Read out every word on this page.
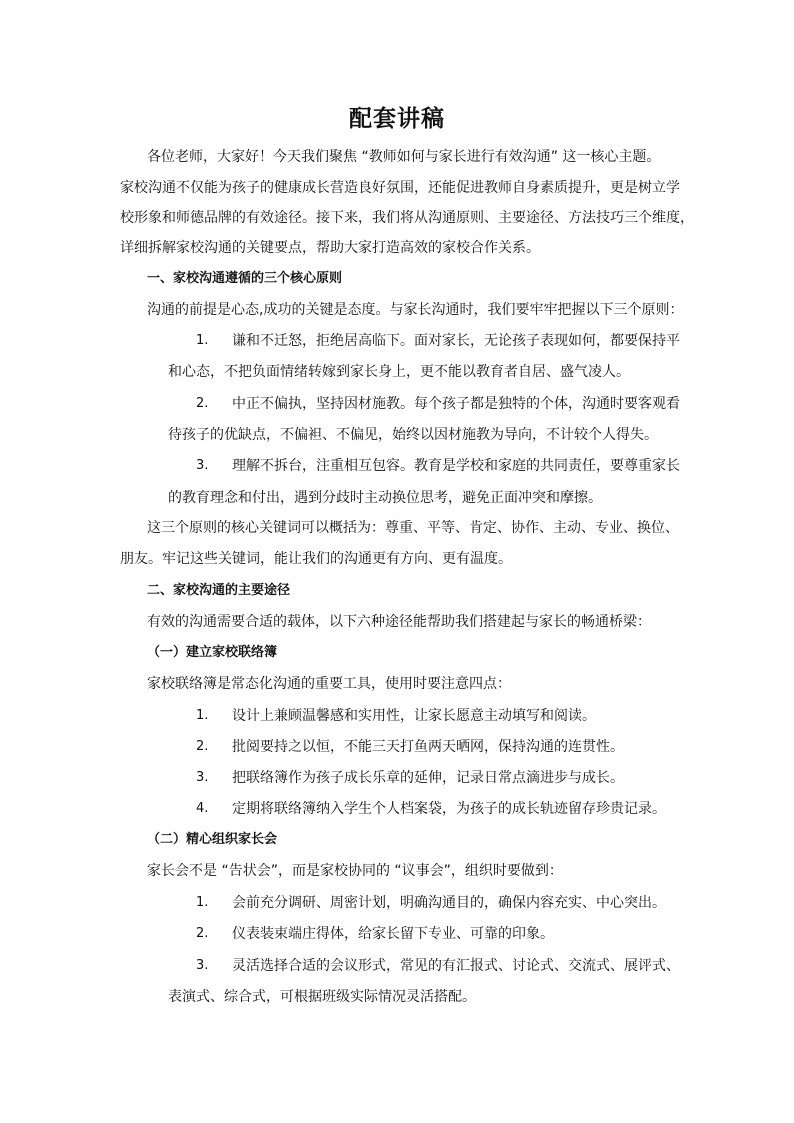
配套讲稿
各位老师，大家好！今天我们聚焦 “教师如何与家长进行有效沟通” 这一核心主题。
家校沟通不仅能为孩子的健康成长营造良好氛围，还能促进教师自身素质提升，更是树立学
校形象和师德品牌的有效途径。接下来，我们将从沟通原则、主要途径、方法技巧三个维度，
详细拆解家校沟通的关键要点，帮助大家打造高效的家校合作关系。
一、家校沟通遵循的三个核心原则
沟通的前提是心态,成功的关键是态度。与家长沟通时，我们要牢牢把握以下三个原则：
1. 谦和不迁怒，拒绝居高临下。面对家长，无论孩子表现如何，都要保持平
和心态，不把负面情绪转嫁到家长身上，更不能以教育者自居、盛气凌人。
2. 中正不偏执，坚持因材施教。每个孩子都是独特的个体，沟通时要客观看
待孩子的优缺点，不偏袒、不偏见，始终以因材施教为导向，不计较个人得失。
3. 理解不拆台，注重相互包容。教育是学校和家庭的共同责任，要尊重家长
的教育理念和付出，遇到分歧时主动换位思考，避免正面冲突和摩擦。
这三个原则的核心关键词可以概括为：尊重、平等、肯定、协作、主动、专业、换位、
朋友。牢记这些关键词，能让我们的沟通更有方向、更有温度。
二、家校沟通的主要途径
有效的沟通需要合适的载体，以下六种途径能帮助我们搭建起与家长的畅通桥梁：
（一）建立家校联络簿
家校联络簿是常态化沟通的重要工具，使用时要注意四点：
1. 设计上兼顾温馨感和实用性，让家长愿意主动填写和阅读。
2. 批阅要持之以恒，不能三天打鱼两天晒网，保持沟通的连贯性。
3. 把联络簿作为孩子成长乐章的延伸，记录日常点滴进步与成长。
4. 定期将联络簿纳入学生个人档案袋，为孩子的成长轨迹留存珍贵记录。
（二）精心组织家长会
家长会不是 “告状会”，而是家校协同的 “议事会”，组织时要做到：
1. 会前充分调研、周密计划，明确沟通目的，确保内容充实、中心突出。
2. 仪表装束端庄得体，给家长留下专业、可靠的印象。
3. 灵活选择合适的会议形式，常见的有汇报式、讨论式、交流式、展评式、
表演式、综合式，可根据班级实际情况灵活搭配。
